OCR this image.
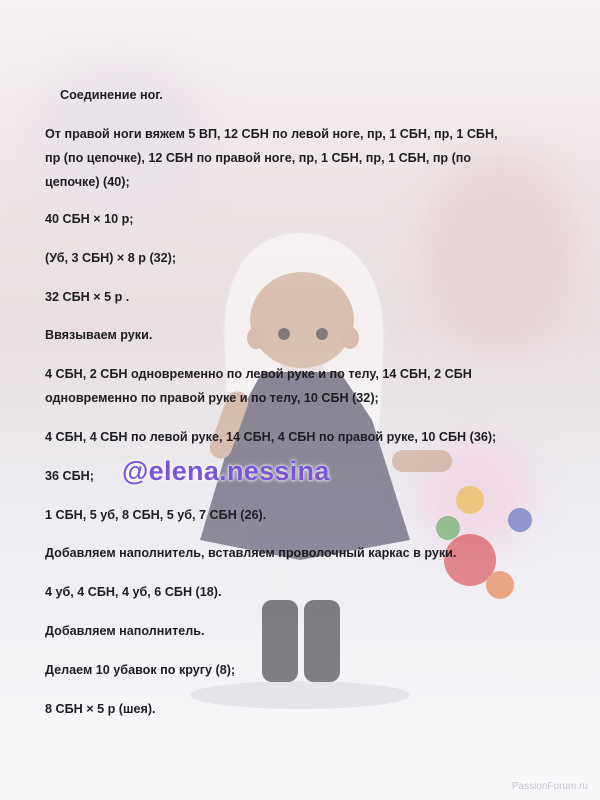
Соединение ног.

От правой ноги вяжем 5 ВП, 12 СБН по левой ноге, пр, 1 СБН, пр, 1 СБН,

пр (по цепочке), 12 СБН по правой ноге, пр, 1 СБН, пр, 1 СБН, пр (по

цепочке) (40);

40 СБН × 10 р;

(Уб, 3 СБН) × 8 р (32);

32 СБН × 5 р .

Ввязываем руки.

4 СБН, 2 СБН одновременно по левой руке и по телу, 14 СБН, 2 СБН

одновременно по правой руке и по телу, 10 СБН (32);

4 СБН, 4 СБН по левой руке, 14 СБН, 4 СБН по правой руке, 10 СБН (36);

36 СБН;

1 СБН, 5 уб, 8 СБН, 5 уб, 7 СБН (26).

Добавляем наполнитель, вставляем проволочный каркас в руки.

4 уб, 4 СБН, 4 уб, 6 СБН (18).

Добавляем наполнитель.

Делаем 10 убавок по кругу (8);

8 СБН × 5 р (шея).

@elena.nessina

PassionForum.ru
